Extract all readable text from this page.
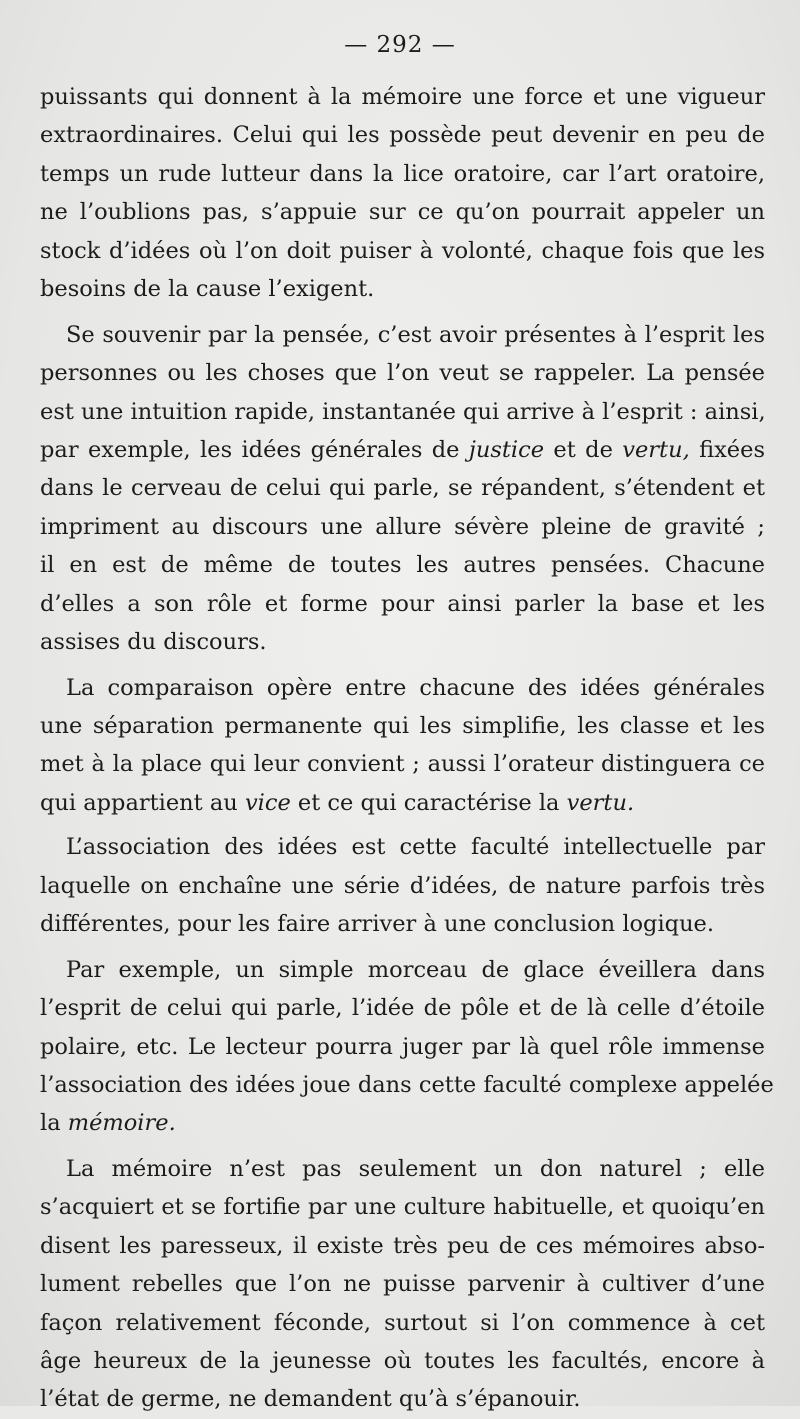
— 292 —
puissants qui donnent à la mémoire une force et une vigueur
extraordinaires. Celui qui les possède peut devenir en peu de
temps un rude lutteur dans la lice oratoire, car l’art oratoire,
ne l’oublions pas, s’appuie sur ce qu’on pourrait appeler un
stock d’idées où l’on doit puiser à volonté, chaque fois que les
besoins de la cause l’exigent.
Se souvenir par la pensée, c’est avoir présentes à l’esprit les
personnes ou les choses que l’on veut se rappeler. La pensée
est une intuition rapide, instantanée qui arrive à l’esprit : ainsi,
par exemple, les idées générales de justice et de vertu, fixées
dans le cerveau de celui qui parle, se répandent, s’étendent et
impriment au discours une allure sévère pleine de gravité ;
il en est de même de toutes les autres pensées. Chacune
d’elles a son rôle et forme pour ainsi parler la base et les
assises du discours.
La comparaison opère entre chacune des idées générales
une séparation permanente qui les simplifie, les classe et les
met à la place qui leur convient ; aussi l’orateur distinguera ce
qui appartient au vice et ce qui caractérise la vertu.
L’association des idées est cette faculté intellectuelle par
laquelle on enchaîne une série d’idées, de nature parfois très
différentes, pour les faire arriver à une conclusion logique.
Par exemple, un simple morceau de glace éveillera dans
l’esprit de celui qui parle, l’idée de pôle et de là celle d’étoile
polaire, etc. Le lecteur pourra juger par là quel rôle immense
l’association des idées joue dans cette faculté complexe appelée
la mémoire.
La mémoire n’est pas seulement un don naturel ; elle
s’acquiert et se fortifie par une culture habituelle, et quoiqu’en
disent les paresseux, il existe très peu de ces mémoires abso-
lument rebelles que l’on ne puisse parvenir à cultiver d’une
façon relativement féconde, surtout si l’on commence à cet
âge heureux de la jeunesse où toutes les facultés, encore à
l’état de germe, ne demandent qu’à s’épanouir.
